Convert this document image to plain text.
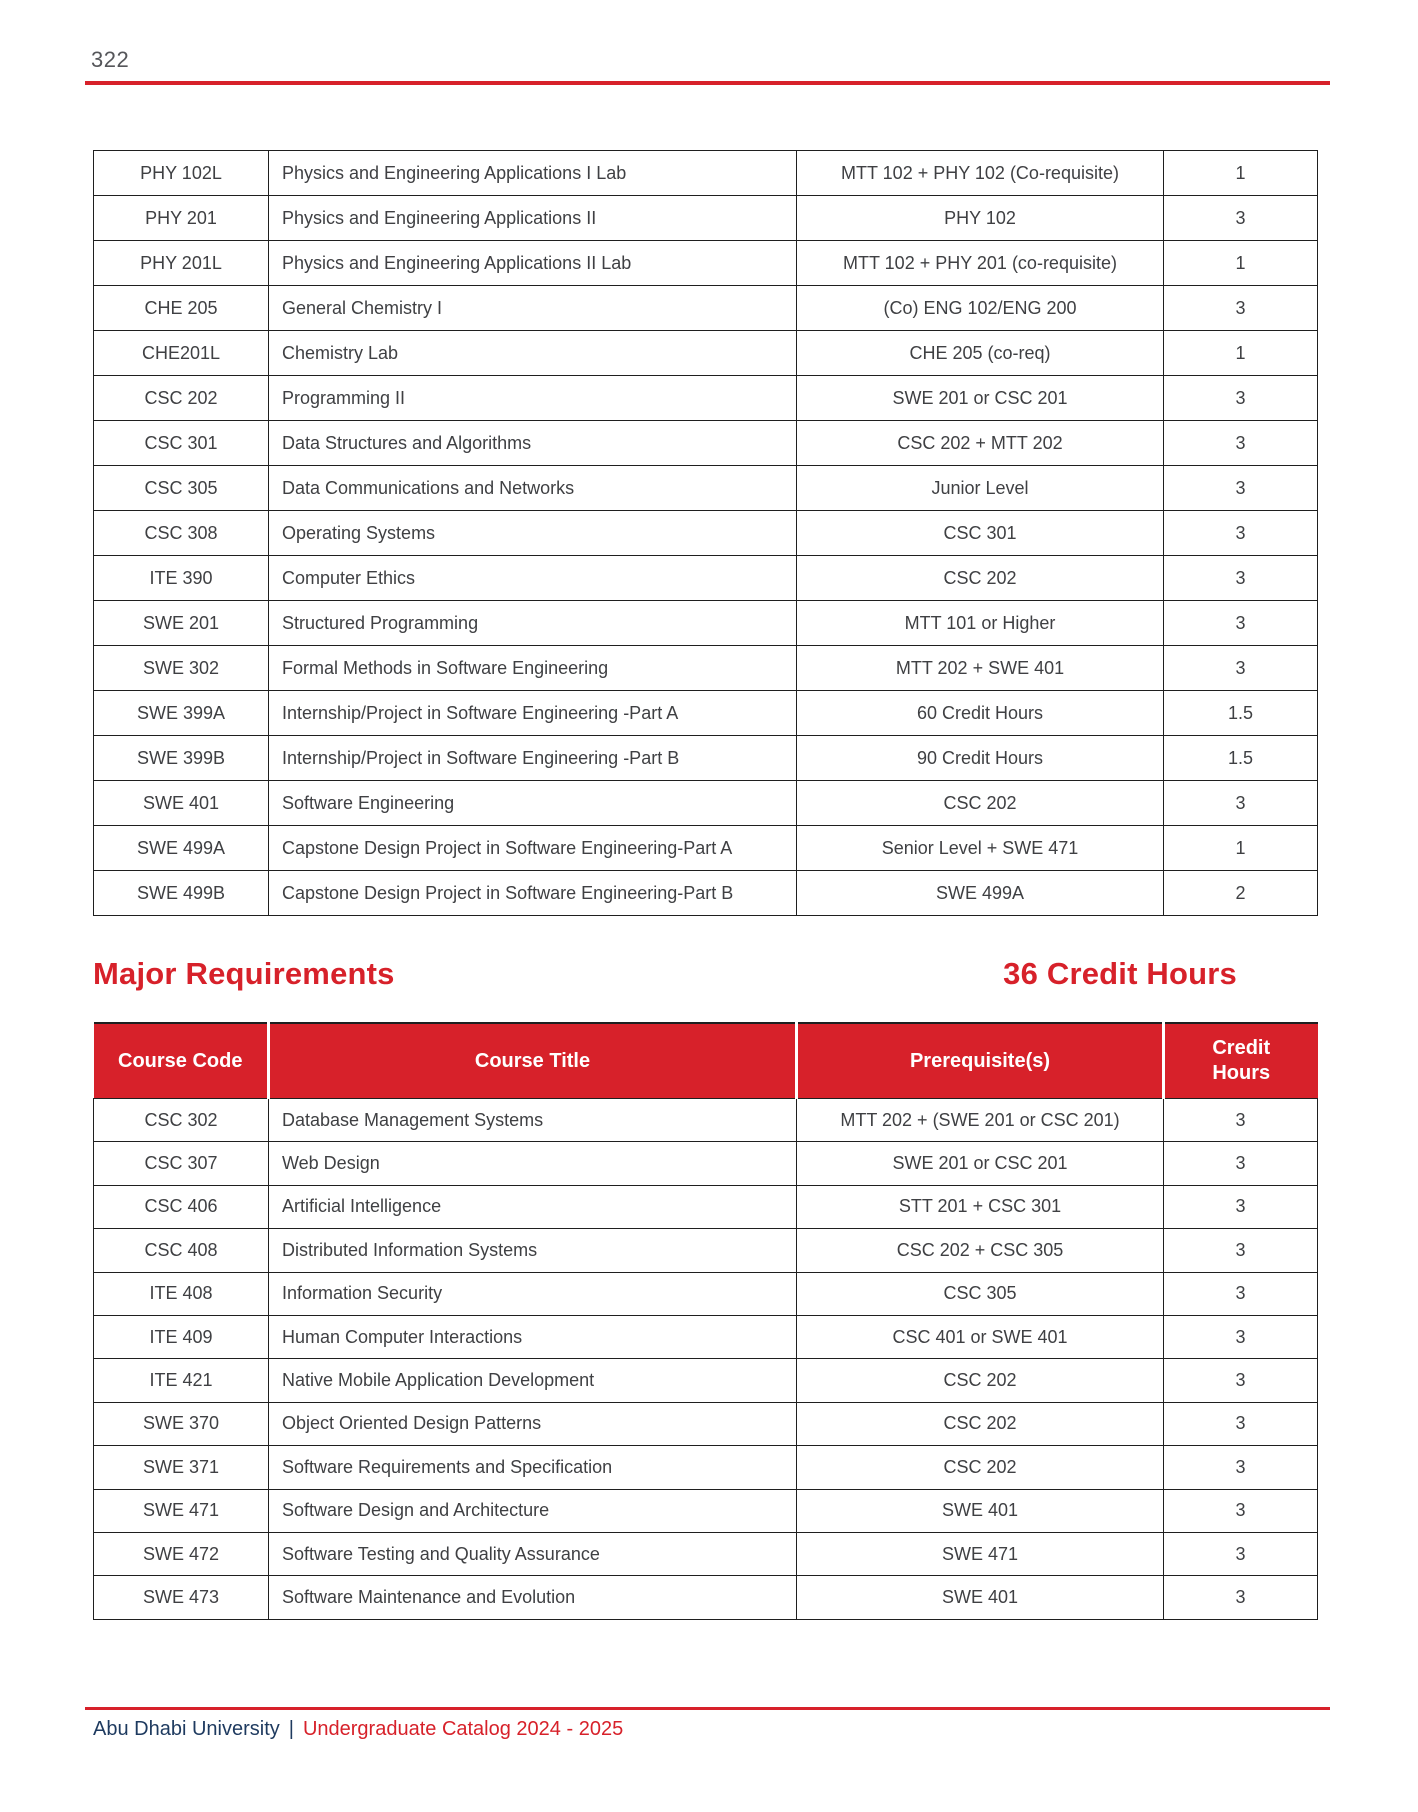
322
PHY 102L	Physics and Engineering Applications I Lab	MTT 102 + PHY 102 (Co-requisite)	1
PHY 201	Physics and Engineering Applications II	PHY 102	3
PHY 201L	Physics and Engineering Applications II Lab	MTT 102 + PHY 201 (co-requisite)	1
CHE 205	General Chemistry I	(Co) ENG 102/ENG 200	3
CHE201L	Chemistry Lab	CHE 205 (co-req)	1
CSC 202	Programming II	SWE 201 or CSC 201	3
CSC 301	Data Structures and Algorithms	CSC 202 + MTT 202	3
CSC 305	Data Communications and Networks	Junior Level	3
CSC 308	Operating Systems	CSC 301	3
ITE 390	Computer Ethics	CSC 202	3
SWE 201	Structured Programming	MTT 101 or Higher	3
SWE 302	Formal Methods in Software Engineering	MTT 202 + SWE 401	3
SWE 399A	Internship/Project in Software Engineering -Part A	60 Credit Hours	1.5
SWE 399B	Internship/Project in Software Engineering -Part B	90 Credit Hours	1.5
SWE 401	Software Engineering	CSC 202	3
SWE 499A	Capstone Design Project in Software Engineering-Part A	Senior Level + SWE 471	1
SWE 499B	Capstone Design Project in Software Engineering-Part B	SWE 499A	2
Major Requirements	36 Credit Hours
Course Code	Course Title	Prerequisite(s)	Credit Hours
CSC 302	Database Management Systems	MTT 202 + (SWE 201 or CSC 201)	3
CSC 307	Web Design	SWE 201 or CSC 201	3
CSC 406	Artificial Intelligence	STT 201 + CSC 301	3
CSC 408	Distributed Information Systems	CSC 202 + CSC 305	3
ITE 408	Information Security	CSC 305	3
ITE 409	Human Computer Interactions	CSC 401 or SWE 401	3
ITE 421	Native Mobile Application Development	CSC 202	3
SWE 370	Object Oriented Design Patterns	CSC 202	3
SWE 371	Software Requirements and Specification	CSC 202	3
SWE 471	Software Design and Architecture	SWE 401	3
SWE 472	Software Testing and Quality Assurance	SWE 471	3
SWE 473	Software Maintenance and Evolution	SWE 401	3
Abu Dhabi University | Undergraduate Catalog 2024 - 2025
